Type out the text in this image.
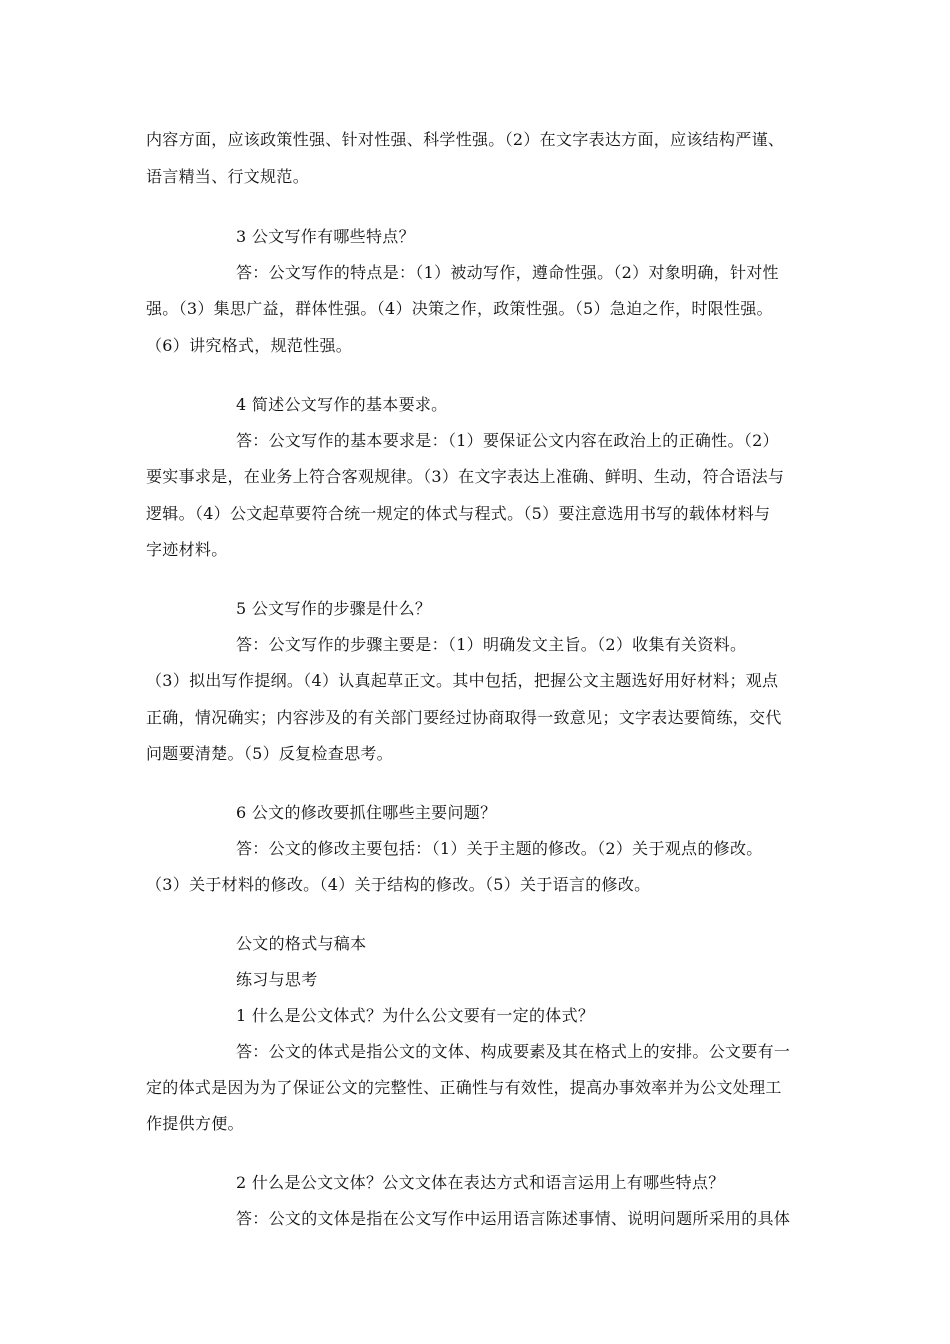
内容方面，应该政策性强、针对性强、科学性强。（2）在文字表达方面，应该结构严谨、
语言精当、行文规范。
3 公文写作有哪些特点？
答：公文写作的特点是：（1）被动写作，遵命性强。（2）对象明确，针对性
强。（3）集思广益，群体性强。（4）决策之作，政策性强。（5）急迫之作，时限性强。
（6）讲究格式，规范性强。
4 简述公文写作的基本要求。
答：公文写作的基本要求是：（1）要保证公文内容在政治上的正确性。（2）
要实事求是，在业务上符合客观规律。（3）在文字表达上准确、鲜明、生动，符合语法与
逻辑。（4）公文起草要符合统一规定的体式与程式。（5）要注意选用书写的载体材料与
字迹材料。
5 公文写作的步骤是什么？
答：公文写作的步骤主要是：（1）明确发文主旨。（2）收集有关资料。
（3）拟出写作提纲。（4）认真起草正文。其中包括，把握公文主题选好用好材料；观点
正确，情况确实；内容涉及的有关部门要经过协商取得一致意见；文字表达要简练，交代
问题要清楚。（5）反复检查思考。
6 公文的修改要抓住哪些主要问题？
答：公文的修改主要包括：（1）关于主题的修改。（2）关于观点的修改。
（3）关于材料的修改。（4）关于结构的修改。（5）关于语言的修改。
公文的格式与稿本
练习与思考
1 什么是公文体式？为什么公文要有一定的体式？
答：公文的体式是指公文的文体、构成要素及其在格式上的安排。公文要有一
定的体式是因为为了保证公文的完整性、正确性与有效性，提高办事效率并为公文处理工
作提供方便。
2 什么是公文文体？公文文体在表达方式和语言运用上有哪些特点？
答：公文的文体是指在公文写作中运用语言陈述事情、说明问题所采用的具体
